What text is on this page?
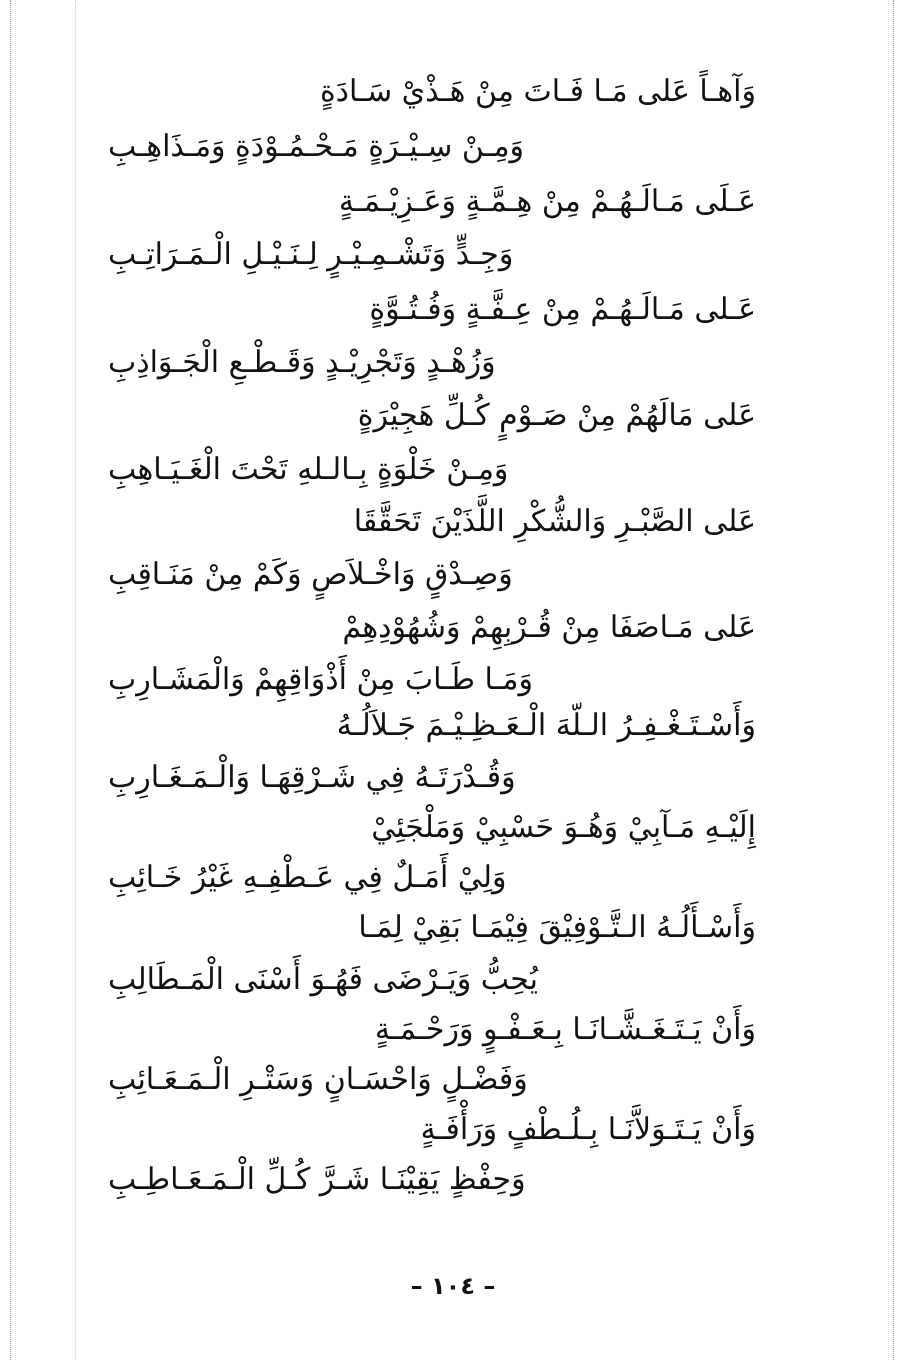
وَآهـاً عَلى مَـا فَـاتَ مِنْ هَـذْيْ سَـادَةٍ
وَمِـنْ سِـيْـرَةٍ مَـحْـمُـوْدَةٍ وَمَـذَاهِـبِ
عَـلَى مَـالَـهُـمْ مِنْ هِـمَّـةٍ وَعَـزِيْـمَـةٍ
وَجِـدٍّ وَتَشْـمِـيْـرٍ لِـنَـيْـلِ الْـمَـرَاتِـبِ
عَـلى مَـالَـهُـمْ مِنْ عِـفَّـةٍ وَفُـتُـوَّةٍ
وَزُهْـدٍ وَتَجْرِيْـدٍ وَقَـطْـعِ الْجَـوَاذِبِ
عَلى مَالَهُمْ مِنْ صَـوْمٍ كُـلِّ هَجِيْرَةٍ
وَمِـنْ خَلْوَةٍ بِـالـلهِ تَحْتَ الْغَـيَـاهِبِ
عَلى الصَّبْـرِ وَالشُّكْرِ اللَّذَيْنَ تَحَقَّقَا
وَصِـدْقٍ وَاخْـلاَصٍ وَكَمْ مِنْ مَنَـاقِبِ
عَلى مَـاصَفَا مِنْ قُـرْبِهِمْ وَشُهُوْدِهِمْ
وَمَـا طَـابَ مِنْ أَذْوَاقِهِمْ وَالْمَشَـارِبِ
وَأَسْـتَـغْـفِـرُ الـلّهَ الْـعَـظِـيْـمَ جَـلاَلُـهُ
وَقُـدْرَتَـهُ فِي شَـرْقِهَـا وَالْـمَـغَـارِبِ
إِلَيْـهِ مَـآبِيْ وَهُـوَ حَسْبِيْ وَمَلْجَئِيْ
وَلِيْ أَمَـلٌ فِي عَـطْفِـهِ غَيْرُ خَـائِبِ
وَأَسْـأَلُـهُ الـتَّـوْفِيْقَ فِيْمَـا بَقِيْ لِمَـا
يُحِبُّ وَيَـرْضَى فَهُـوَ أَسْنَى الْمَـطَالِبِ
وَأَنْ يَـتَـغَـشَّـانَـا بِـعَـفْـوٍ وَرَحْـمَـةٍ
وَفَضْـلٍ وَاحْسَـانٍ وَسَتْـرِ الْـمَـعَـائِبِ
وَأَنْ يَـتَـوَلاَّنَـا بِـلُـطْفٍ وَرَأْفَـةٍ
وَحِفْظٍ يَقِيْنَـا شَـرَّ كُـلِّ الْـمَـعَـاطِـبِ
– ١٠٤ –
